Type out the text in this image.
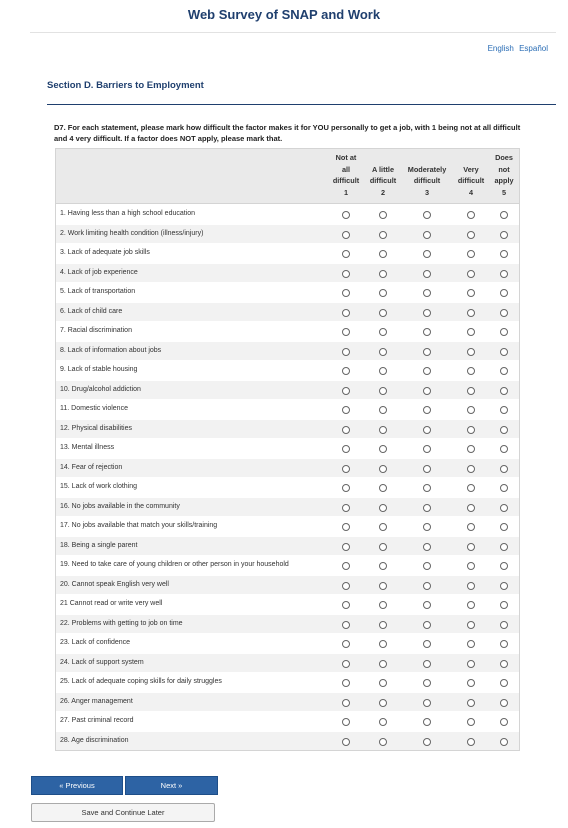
Web Survey of SNAP and Work
English Español
Section D. Barriers to Employment
D7. For each statement, please mark how difficult the factor makes it for YOU personally to get a job, with 1 being not at all difficult and 4 very difficult. If a factor does NOT apply, please mark that.
Not at
all
difficult
1
A little
difficult
2
Moderately
difficult
3
Very
difficult
4
Does
not
apply
5
1. Having less than a high school education
2. Work limiting health condition (illness/injury)
3. Lack of adequate job skills
4. Lack of job experience
5. Lack of transportation
6. Lack of child care
7. Racial discrimination
8. Lack of information about jobs
9. Lack of stable housing
10. Drug/alcohol addiction
11. Domestic violence
12. Physical disabilities
13. Mental illness
14. Fear of rejection
15. Lack of work clothing
16. No jobs available in the community
17. No jobs available that match your skills/training
18. Being a single parent
19. Need to take care of young children or other person in your household
20. Cannot speak English very well
21 Cannot read or write very well
22. Problems with getting to job on time
23. Lack of confidence
24. Lack of support system
25. Lack of adequate coping skills for daily struggles
26. Anger management
27. Past criminal record
28. Age discrimination
« Previous	Next »
Save and Continue Later
